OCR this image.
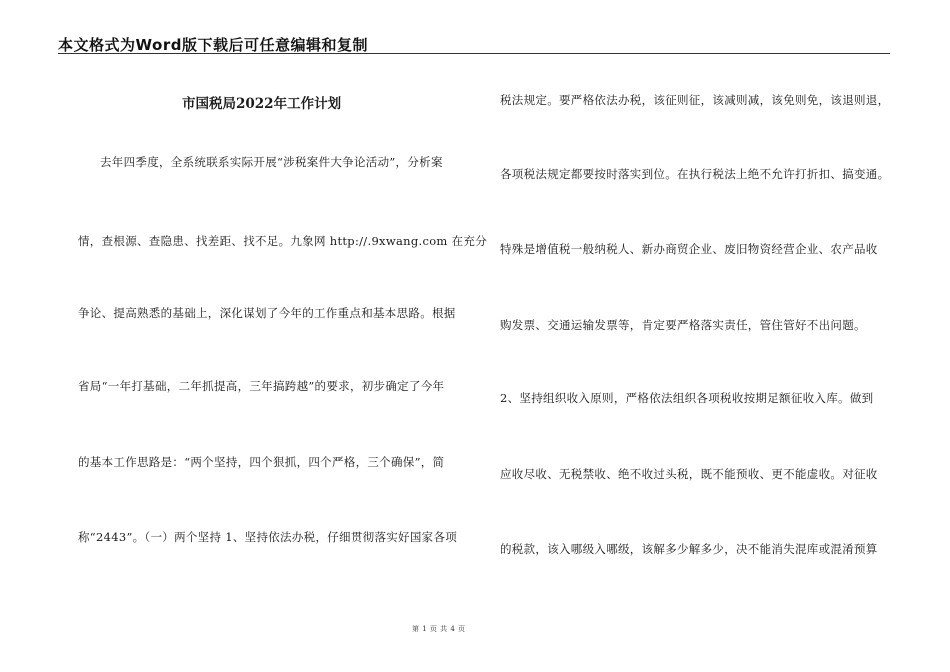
本文格式为Word版下载后可任意编辑和复制
市国税局2022年工作计划
去年四季度，全系统联系实际开展“涉税案件大争论活动”，分析案
情，查根源、查隐患、找差距、找不足。九象网 http://.9xwang.com 在充分
争论、提高熟悉的基础上，深化谋划了今年的工作重点和基本思路。根据
省局“一年打基础，二年抓提高，三年搞跨越”的要求，初步确定了今年
的基本工作思路是：“两个坚持，四个狠抓，四个严格，三个确保”，简
称“2443”。（一）两个坚持 1、坚持依法办税，仔细贯彻落实好国家各项
税法规定。要严格依法办税，该征则征，该减则减，该免则免，该退则退，
各项税法规定都要按时落实到位。在执行税法上绝不允许打折扣、搞变通。
特殊是增值税一般纳税人、新办商贸企业、废旧物资经营企业、农产品收
购发票、交通运输发票等，肯定要严格落实责任，管住管好不出问题。
2、坚持组织收入原则，严格依法组织各项税收按期足额征收入库。做到
应收尽收、无税禁收、绝不收过头税，既不能预收、更不能虚收。对征收
的税款，该入哪级入哪级，该解多少解多少，决不能消失混库或混淆预算
第 1 页 共 4 页
